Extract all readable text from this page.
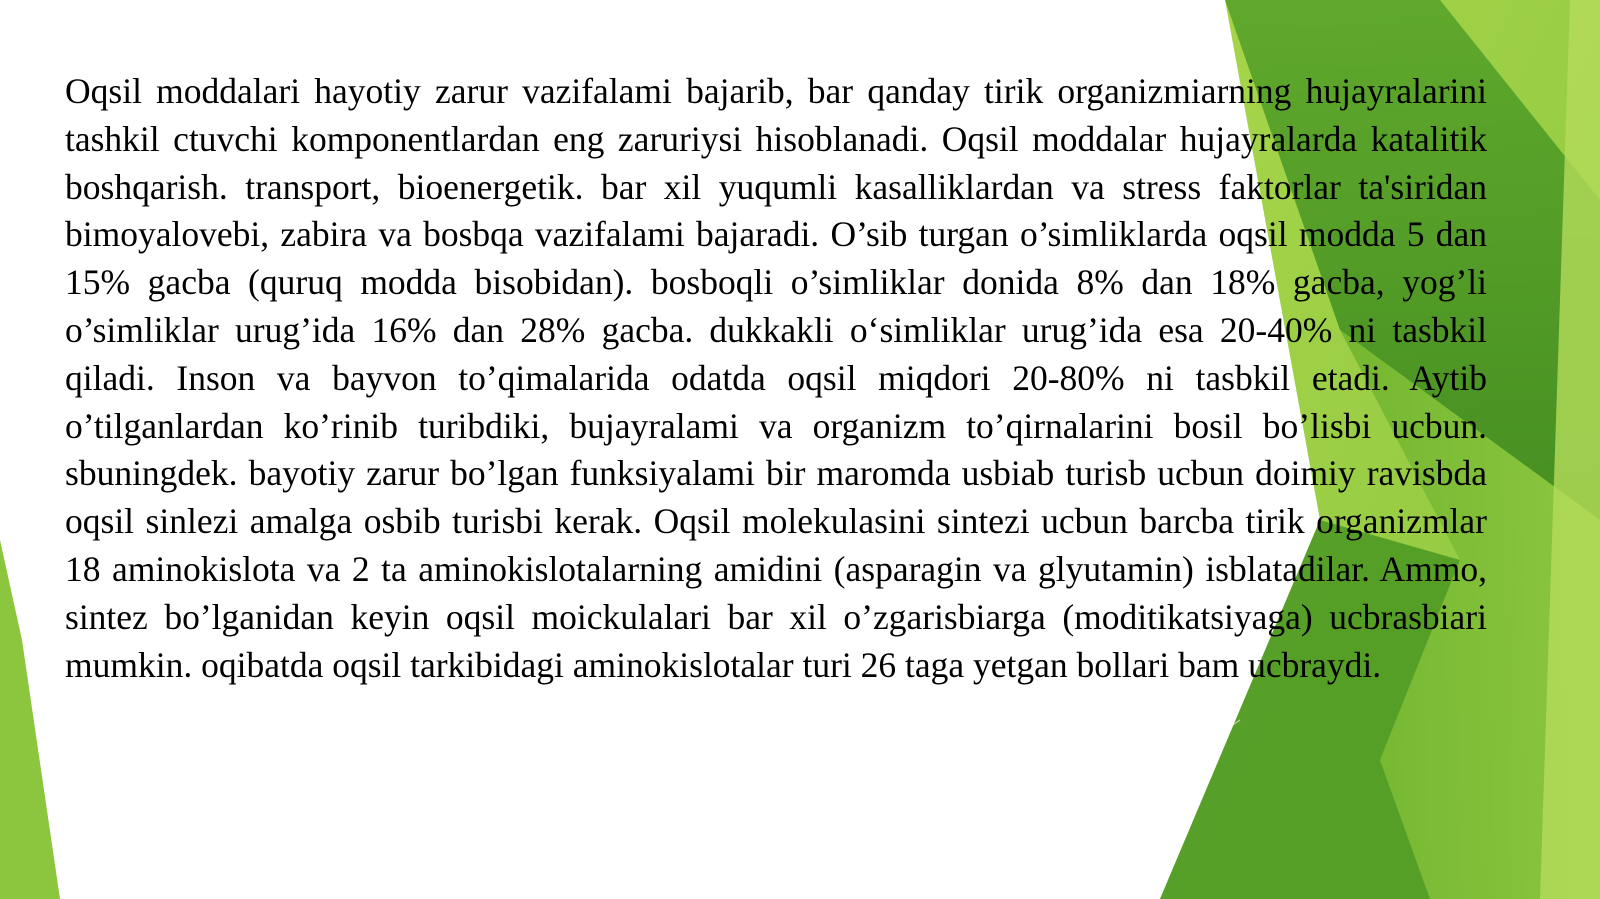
Oqsil moddalari hayotiy zarur vazifalami bajarib, bar qanday tirik organizmiarning hujayralarini tashkil ctuvchi komponentlardan eng zaruriysi hisoblanadi. Oqsil moddalar hujayralarda katalitik boshqarish. transport, bioenergetik. bar xil yuqumli kasalliklardan va stress faktorlar ta'siridan bimoyalovebi, zabira va bosbqa vazifalami bajaradi. O’sib turgan o’simliklarda oqsil modda 5 dan 15% gacba (quruq modda bisobidan). bosboqli o’simliklar donida 8% dan 18% gacba, yog’li o’simliklar urug’ida 16% dan 28% gacba. dukkakli o‘simliklar urug’ida esa 20-40% ni tasbkil qiladi. Inson va bayvon to’qimalarida odatda oqsil miqdori 20-80% ni tasbkil etadi. Aytib o’tilganlardan ko’rinib turibdiki, bujayralami va organizm to’qirnalarini bosil bo’lisbi ucbun. sbuningdek. bayotiy zarur bo’lgan funksiyalami bir maromda usbiab turisb ucbun doimiy ravisbda oqsil sinlezi amalga osbib turisbi kerak. Oqsil molekulasini sintezi ucbun barcba tirik organizmlar 18 aminokislota va 2 ta aminokislotalarning amidini (asparagin va glyutamin) isblatadilar. Ammo, sintez bo’lganidan keyin oqsil moickulalari bar xil o’zgarisbiarga (moditikatsiyaga) ucbrasbiari mumkin. oqibatda oqsil tarkibidagi aminokislotalar turi 26 taga yetgan bollari bam ucbraydi.
